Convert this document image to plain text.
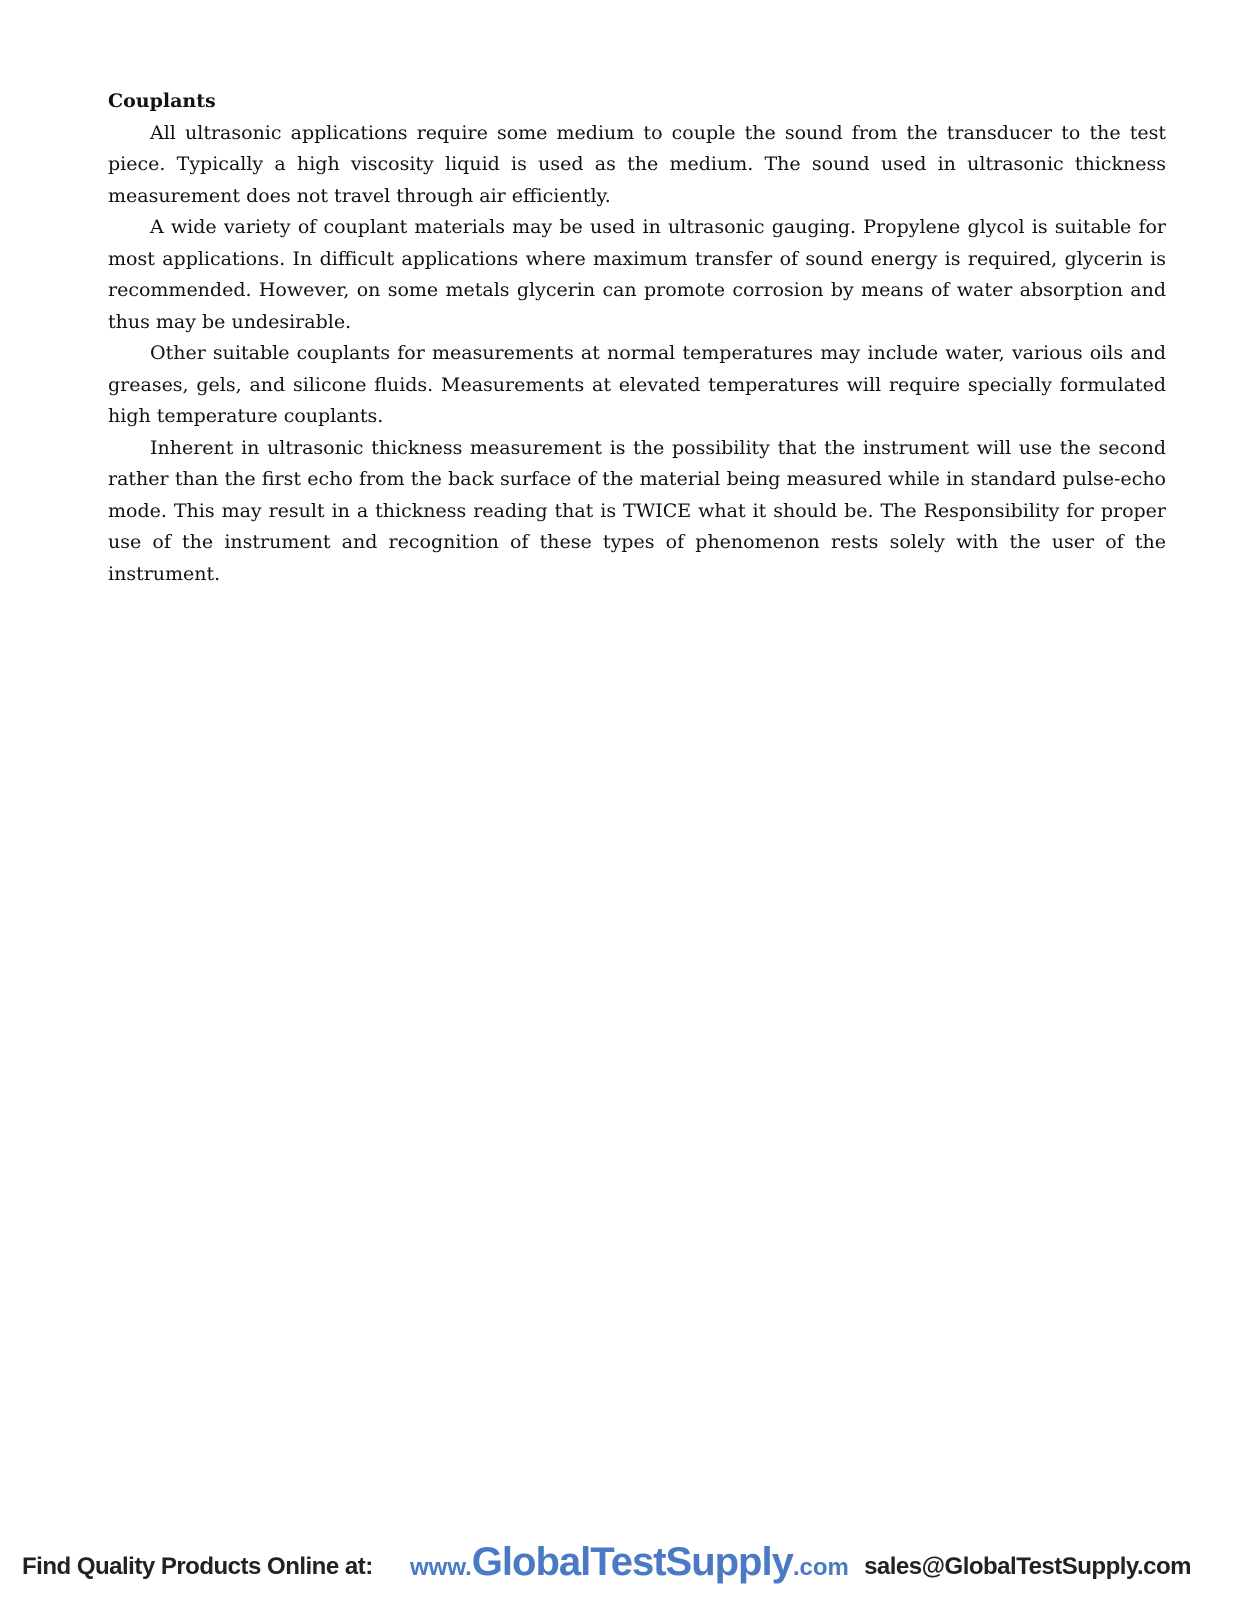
Couplants

All ultrasonic applications require some medium to couple the sound from the transducer to the test piece. Typically a high viscosity liquid is used as the medium. The sound used in ultrasonic thickness measurement does not travel through air efficiently.

A wide variety of couplant materials may be used in ultrasonic gauging. Propylene glycol is suitable for most applications. In difficult applications where maximum transfer of sound energy is required, glycerin is recommended. However, on some metals glycerin can promote corrosion by means of water absorption and thus may be undesirable.

Other suitable couplants for measurements at normal temperatures may include water, various oils and greases, gels, and silicone fluids. Measurements at elevated temperatures will require specially formulated high temperature couplants.

Inherent in ultrasonic thickness measurement is the possibility that the instrument will use the second rather than the first echo from the back surface of the material being measured while in standard pulse-echo mode. This may result in a thickness reading that is TWICE what it should be. The Responsibility for proper use of the instrument and recognition of these types of phenomenon rests solely with the user of the instrument.

Find Quality Products Online at: www.GlobalTestSupply.com sales@GlobalTestSupply.com
